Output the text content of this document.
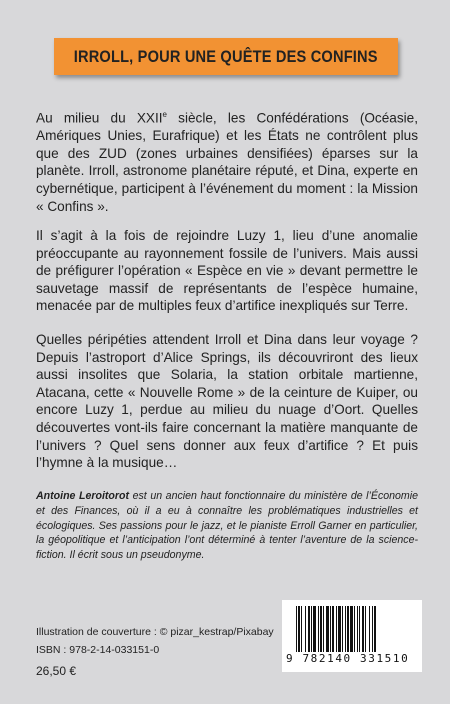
IRROLL, POUR UNE QUÊTE DES CONFINS

Au milieu du XXIIe siècle, les Confédérations (Océasie, Amériques Unies, Eurafrique) et les États ne contrôlent plus que des ZUD (zones urbaines densifiées) éparses sur la planète. Irroll, astronome planétaire réputé, et Dina, experte en cybernétique, participent à l’événement du moment : la Mission « Confins ».

Il s’agit à la fois de rejoindre Luzy 1, lieu d’une anomalie préoccupante au rayonnement fossile de l’univers. Mais aussi de préfigurer l’opération « Espèce en vie » devant permettre le sauvetage massif de représentants de l’espèce humaine, menacée par de multiples feux d’artifice inexpliqués sur Terre.

Quelles péripéties attendent Irroll et Dina dans leur voyage ? Depuis l’astroport d’Alice Springs, ils découvriront des lieux aussi insolites que Solaria, la station orbitale martienne, Atacana, cette « Nouvelle Rome » de la ceinture de Kuiper, ou encore Luzy 1, perdue au milieu du nuage d’Oort. Quelles découvertes vont-ils faire concernant la matière manquante de l’univers ? Quel sens donner aux feux d’artifice ? Et puis l’hymne à la musique…

Antoine Leroitorot est un ancien haut fonctionnaire du ministère de l’Économie et des Finances, où il a eu à connaître les problématiques industrielles et écologiques. Ses passions pour le jazz, et le pianiste Erroll Garner en particulier, la géopolitique et l’anticipation l’ont déterminé à tenter l’aventure de la science-fiction. Il écrit sous un pseudonyme.

Illustration de couverture : © pizar_kestrap/Pixabay
ISBN : 978-2-14-033151-0
26,50 €
9 782140 331510
